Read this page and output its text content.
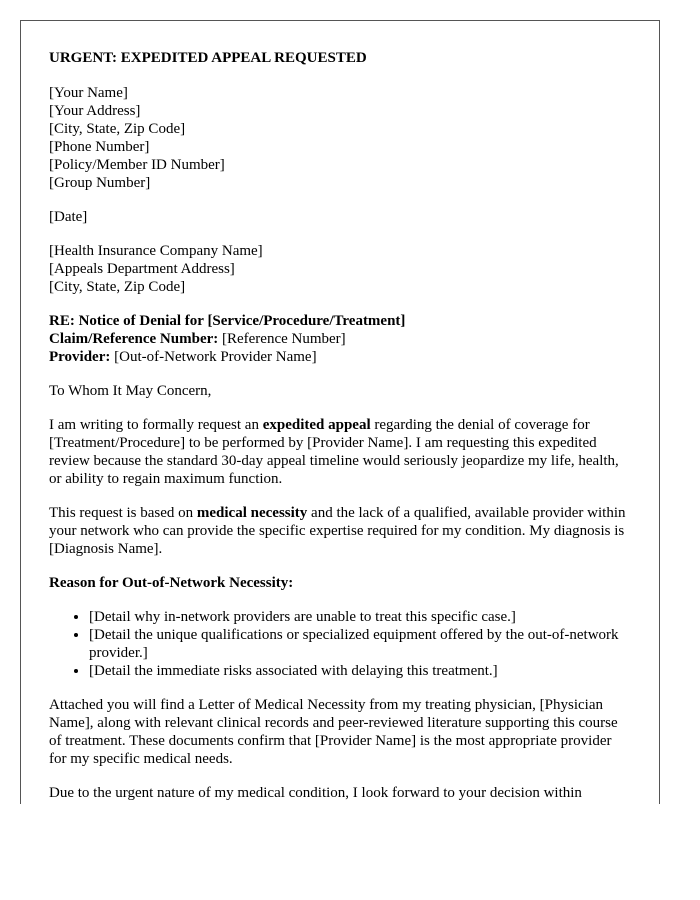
URGENT: EXPEDITED APPEAL REQUESTED
[Your Name]
[Your Address]
[City, State, Zip Code]
[Phone Number]
[Policy/Member ID Number]
[Group Number]
[Date]
[Health Insurance Company Name]
[Appeals Department Address]
[City, State, Zip Code]
RE: Notice of Denial for [Service/Procedure/Treatment]
Claim/Reference Number: [Reference Number]
Provider: [Out-of-Network Provider Name]

To Whom It May Concern,

I am writing to formally request an expedited appeal regarding the denial of coverage for [Treatment/Procedure] to be performed by [Provider Name]. I am requesting this expedited review because the standard 30-day appeal timeline would seriously jeopardize my life, health, or ability to regain maximum function.

This request is based on medical necessity and the lack of a qualified, available provider within your network who can provide the specific expertise required for my condition. My diagnosis is [Diagnosis Name].

Reason for Out-of-Network Necessity:

• [Detail why in-network providers are unable to treat this specific case.]
• [Detail the unique qualifications or specialized equipment offered by the out-of-network provider.]
• [Detail the immediate risks associated with delaying this treatment.]

Attached you will find a Letter of Medical Necessity from my treating physician, [Physician Name], along with relevant clinical records and peer-reviewed literature supporting this course of treatment. These documents confirm that [Provider Name] is the most appropriate provider for my specific medical needs.

Due to the urgent nature of my medical condition, I look forward to your decision within
